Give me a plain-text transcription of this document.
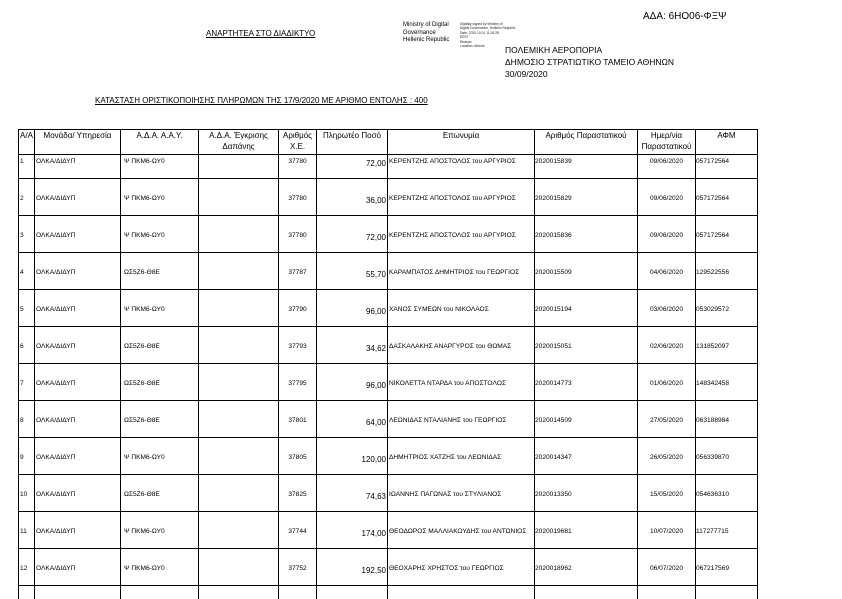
ΑΔΑ: 6ΗΟ06-ΦΞΨ
ΑΝΑΡΤΗΤΕΑ ΣΤΟ ΔΙΑΔΙΚΤΥΟ
Ministry of Digital
Governance
Hellenic Republic
Digitally signed by Ministry of
Digital Governance, Hellenic Republic
Date: 2020.10.01 11:18:28
EEST
Reason:
Location: Athens	ΠΟΛΕΜΙΚΗ ΑΕΡΟΠΟΡΙΑ
ΔΗΜΟΣΙΟ ΣΤΡΑΤΙΩΤΙΚΟ ΤΑΜΕΙΟ ΑΘΗΝΩΝ
30/09/2020
ΚΑΤΑΣΤΑΣΗ ΟΡΙΣΤΙΚΟΠΟΙΗΣΗΣ ΠΛΗΡΩΜΩΝ ΤΗΣ 17/9/2020 ΜΕ ΑΡΙΘΜΟ ΕΝΤΟΛΗΣ : 400
Α/Α	Μονάδα/ Υπηρεσία	Α.Δ.Α. Α.Α.Υ.	Α.Δ.Α. Έγκρισης Δαπάνης	Αριθμός Χ.Ε.	Πληρωτέο Ποσό	Επωνυμία	Αριθμός Παραστατικού	Ημερ/νία Παραστατικού	ΑΦΜ
1	ΟΛΚΑ/ΔΙΔΥΠ	Ψ ΠΚΜ6-ΩΥ0		37780	72,00	ΚΕΡΕΝΤΖΗΣ ΑΠΟΣΤΟΛΟΣ του ΑΡΓΥΡΙΟΣ	2020015839	09/06/2020	057172564
2	ΟΛΚΑ/ΔΙΔΥΠ	Ψ ΠΚΜ6-ΩΥ0		37780	36,00	ΚΕΡΕΝΤΖΗΣ ΑΠΟΣΤΟΛΟΣ του ΑΡΓΥΡΙΟΣ	2020015829	09/06/2020	057172564
3	ΟΛΚΑ/ΔΙΔΥΠ	Ψ ΠΚΜ6-ΩΥ0		37780	72,00	ΚΕΡΕΝΤΖΗΣ ΑΠΟΣΤΟΛΟΣ του ΑΡΓΥΡΙΟΣ	2020015836	09/06/2020	057172564
4	ΟΛΚΑ/ΔΙΔΥΠ	ΩΣ5Ζ6-Θ8Ε		37787	55,70	ΚΑΡΑΜΠΑΤΟΣ ΔΗΜΗΤΡΙΟΣ του ΓΕΩΡΓΙΟΣ	2020015509	04/06/2020	129522556
5	ΟΛΚΑ/ΔΙΔΥΠ	Ψ ΠΚΜ6-ΩΥ0		37790	96,00	ΧΑΝΟΣ ΣΥΜΕΩΝ του ΝΙΚΟΛΑΟΣ	2020015194	03/06/2020	053029572
6	ΟΛΚΑ/ΔΙΔΥΠ	ΩΣ5Ζ6-Θ8Ε		37793	34,62	ΔΑΣΚΑΛΑΚΗΣ ΑΝΑΡΓΥΡΟΣ του ΘΩΜΑΣ	2020015051	02/06/2020	131852097
7	ΟΛΚΑ/ΔΙΔΥΠ	ΩΣ5Ζ6-Θ8Ε		37795	96,00	ΝΙΚΟΛΕΤΤΑ ΝΤΑΡΔΑ του ΑΠΟΣΤΟΛΟΣ	2020014773	01/06/2020	148342458
8	ΟΛΚΑ/ΔΙΔΥΠ	ΩΣ5Ζ6-Θ8Ε		37801	64,00	ΛΕΩΝΙΔΑΣ ΝΤΑΛΙΑΝΗΣ του ΓΕΩΡΓΙΟΣ	2020014509	27/05/2020	063188984
9	ΟΛΚΑ/ΔΙΔΥΠ	Ψ ΠΚΜ6-ΩΥ0		37805	120,00	ΔΗΜΗΤΡΙΟΣ ΧΑΤΖΗΣ του ΛΕΩΝΙΔΑΣ	2020014347	26/05/2020	056339870
10	ΟΛΚΑ/ΔΙΔΥΠ	ΩΣ5Ζ6-Θ8Ε		37825	74,63	ΙΩΑΝΝΗΣ ΠΑΓΩΝΑΣ του ΣΤΥΛΙΑΝΟΣ	2020013350	15/05/2020	054636310
11	ΟΛΚΑ/ΔΙΔΥΠ	Ψ ΠΚΜ6-ΩΥ0		37744	174,00	ΘΕΟΔΩΡΟΣ ΜΑΛΛΙΑΚΟΥΔΗΣ του ΑΝΤΩΝΙΟΣ	2020019681	10/07/2020	117277715
12	ΟΛΚΑ/ΔΙΔΥΠ	Ψ ΠΚΜ6-ΩΥ0		37752	192,50	ΘΕΟΧΑΡΗΣ ΧΡΗΣΤΟΣ του ΓΕΩΡΓΙΟΣ	2020018962	06/07/2020	067217569
